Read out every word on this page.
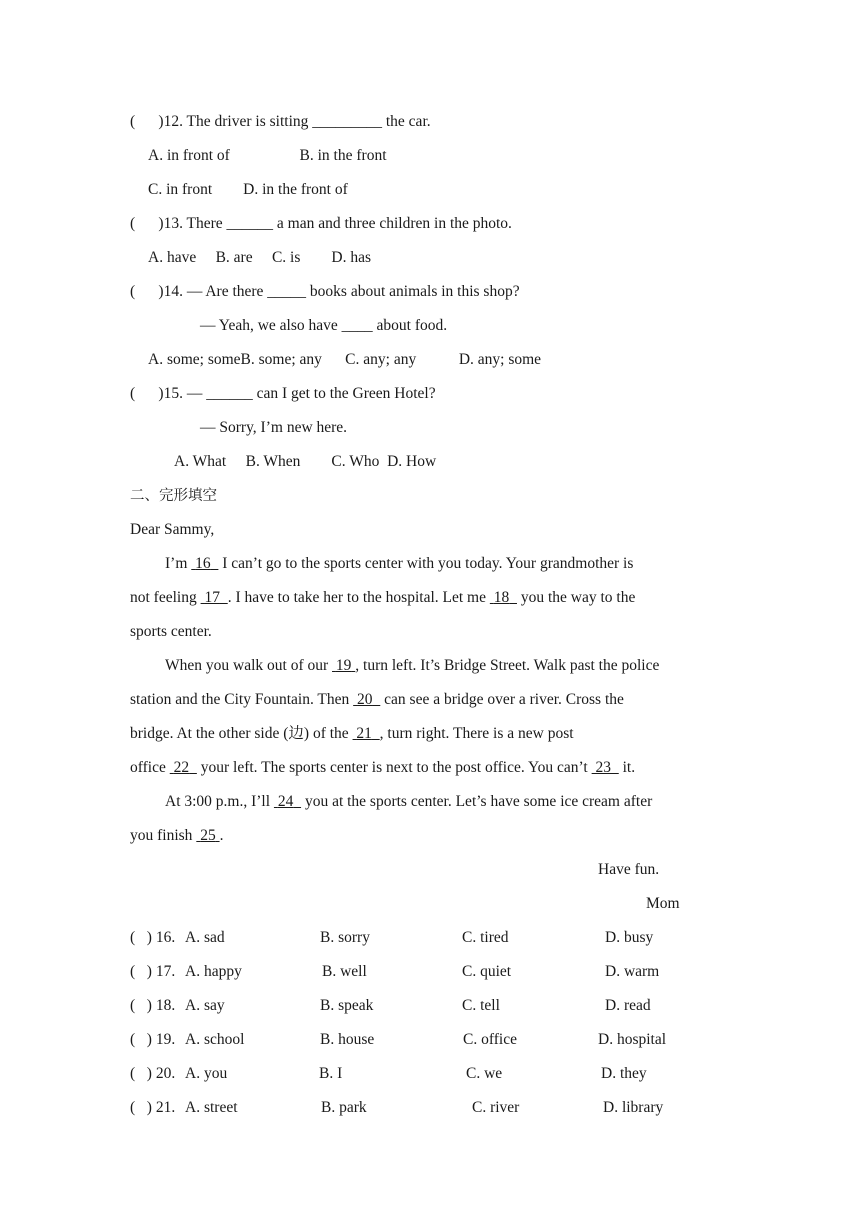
(      )12. The driver is sitting _________ the car.
A. in front of                  B. in the front
C. in front        D. in the front of
(      )13. There ______ a man and three children in the photo.
A. have     B. are     C. is        D. has
(      )14. — Are there _____ books about animals in this shop?
— Yeah, we also have ____ about food.
A. some; someB. some; any      C. any; any           D. any; some
(      )15. — ______ can I get to the Green Hotel?
— Sorry, I’m new here.
A. What     B. When        C. Who  D. How
二、完形填空
Dear Sammy,
I’m  16   I can’t go to the sports center with you today. Your grandmother is
not feeling  17 . I have to take her to the hospital. Let me  18   you the way to the
sports center.
When you walk out of our  19 , turn left. It’s Bridge Street. Walk past the police
station and the City Fountain. Then  20   can see a bridge over a river. Cross the
bridge. At the other side (边) of the  21 , turn right. There is a new post
office  22   your left. The sports center is next to the post office. You can’t  23   it.
At 3:00 p.m., I’ll  24   you at the sports center. Let’s have some ice cream after
you finish  25 .
Have fun.
Mom
(   ) 16. A. sad	B. sorry	C. tired	D. busy
(   ) 17. A. happy	B. well	C. quiet	D. warm
(   ) 18. A. say	B. speak	C. tell	D. read
(   ) 19. A. school	B. house	C. office	D. hospital
(   ) 20. A. you	B. I	C. we	D. they
(   ) 21. A. street	B. park	C. river	D. library
